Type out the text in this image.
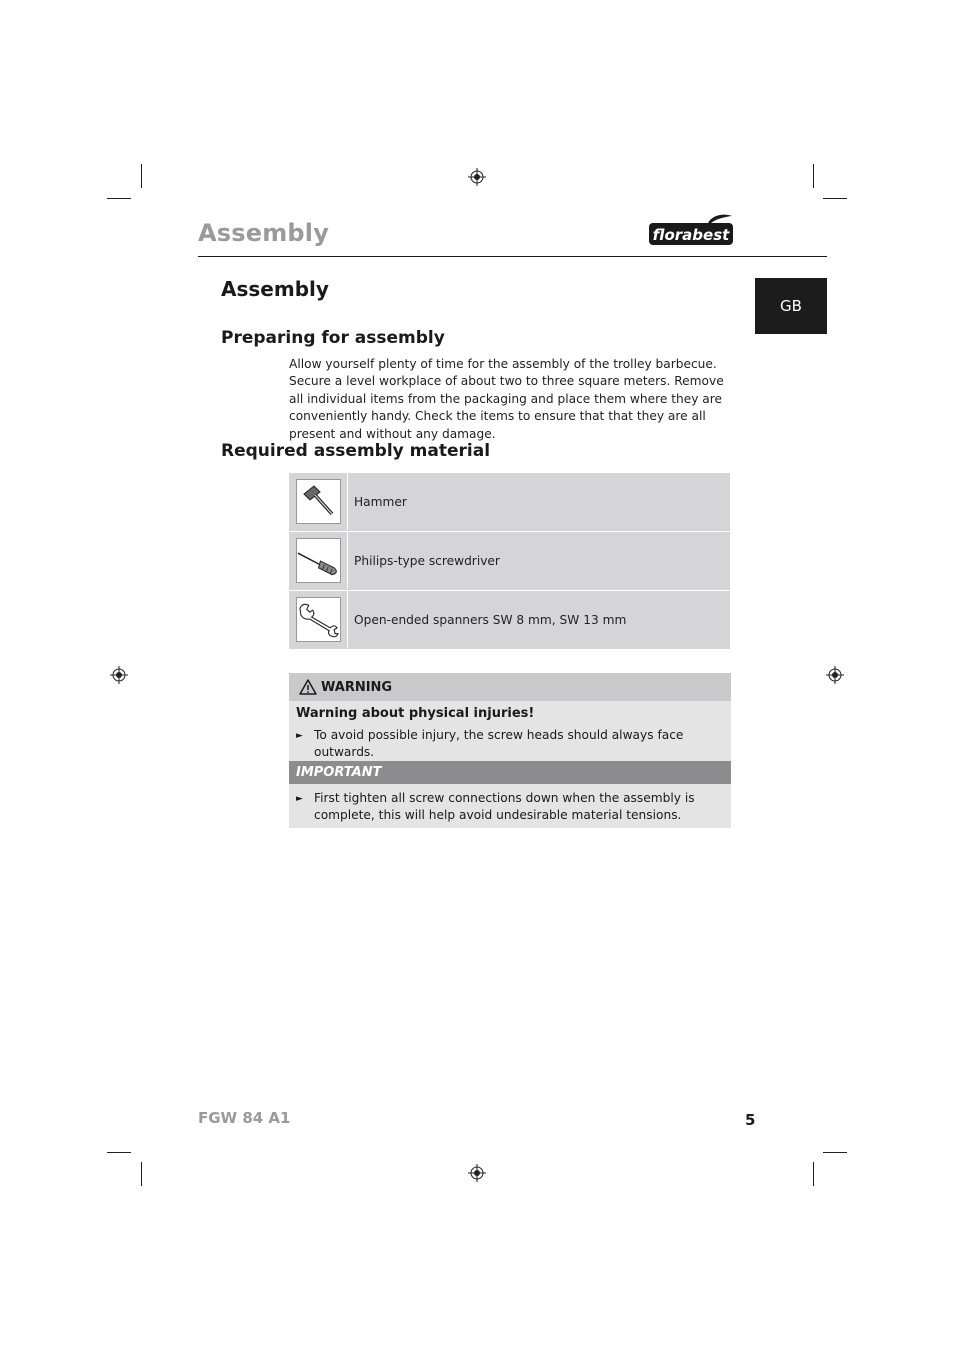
Assembly	florabest
GB
Assembly
Preparing for assembly
Allow yourself plenty of time for the assembly of the trolley barbecue. Secure a level workplace of about two to three square meters. Remove all individual items from the packaging and place them where they are conveniently handy. Check the items to ensure that that they are all present and without any damage.
Required assembly material
Hammer
Philips-type screwdriver
Open-ended spanners SW 8 mm, SW 13 mm
WARNING
Warning about physical injuries!
► To avoid possible injury, the screw heads should always face outwards.
IMPORTANT
► First tighten all screw connections down when the assembly is complete, this will help avoid undesirable material tensions.
FGW 84 A1	5
